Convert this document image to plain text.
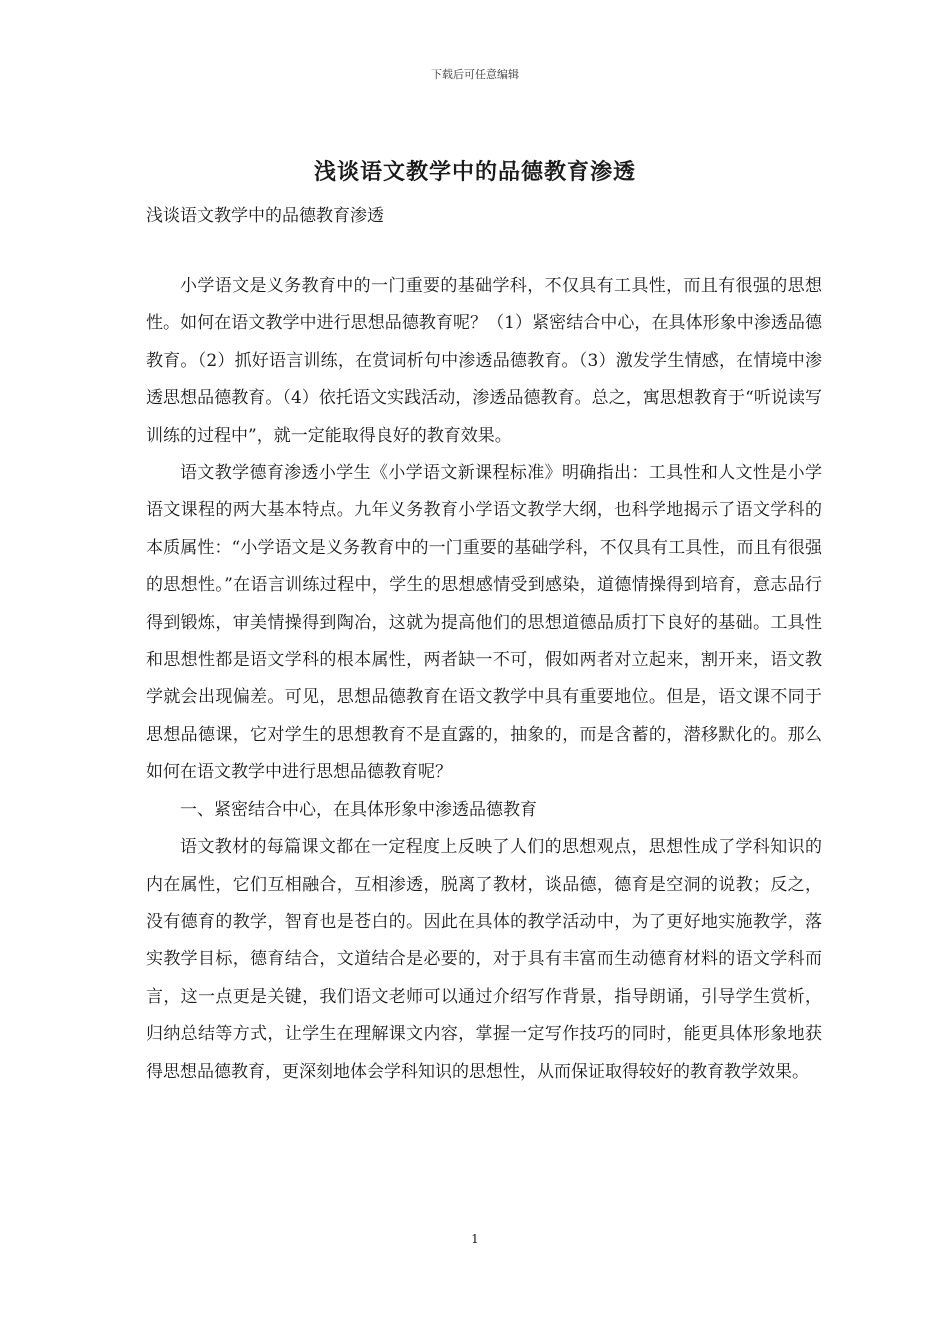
下载后可任意编辑
浅谈语文教学中的品德教育渗透

浅谈语文教学中的品德教育渗透

小学语文是义务教育中的一门重要的基础学科，不仅具有工具性，而且有很强的思想性。如何在语文教学中进行思想品德教育呢？（1）紧密结合中心，在具体形象中渗透品德教育。（2）抓好语言训练，在赏词析句中渗透品德教育。（3）激发学生情感，在情境中渗透思想品德教育。（4）依托语文实践活动，渗透品德教育。总之，寓思想教育于“听说读写训练的过程中”，就一定能取得良好的教育效果。

语文教学德育渗透小学生《小学语文新课程标准》明确指出：工具性和人文性是小学语文课程的两大基本特点。九年义务教育小学语文教学大纲，也科学地揭示了语文学科的本质属性：“小学语文是义务教育中的一门重要的基础学科，不仅具有工具性，而且有很强的思想性。”在语言训练过程中，学生的思想感情受到感染，道德情操得到培育，意志品行得到锻炼，审美情操得到陶冶，这就为提高他们的思想道德品质打下良好的基础。工具性和思想性都是语文学科的根本属性，两者缺一不可，假如两者对立起来，割开来，语文教学就会出现偏差。可见，思想品德教育在语文教学中具有重要地位。但是，语文课不同于思想品德课，它对学生的思想教育不是直露的，抽象的，而是含蓄的，潜移默化的。那么如何在语文教学中进行思想品德教育呢？

一、紧密结合中心，在具体形象中渗透品德教育

语文教材的每篇课文都在一定程度上反映了人们的思想观点，思想性成了学科知识的内在属性，它们互相融合，互相渗透，脱离了教材，谈品德，德育是空洞的说教；反之，没有德育的教学，智育也是苍白的。因此在具体的教学活动中，为了更好地实施教学，落实教学目标，德育结合，文道结合是必要的，对于具有丰富而生动德育材料的语文学科而言，这一点更是关键，我们语文老师可以通过介绍写作背景，指导朗诵，引导学生赏析，归纳总结等方式，让学生在理解课文内容，掌握一定写作技巧的同时，能更具体形象地获得思想品德教育，更深刻地体会学科知识的思想性，从而保证取得较好的教育教学效果。

1
